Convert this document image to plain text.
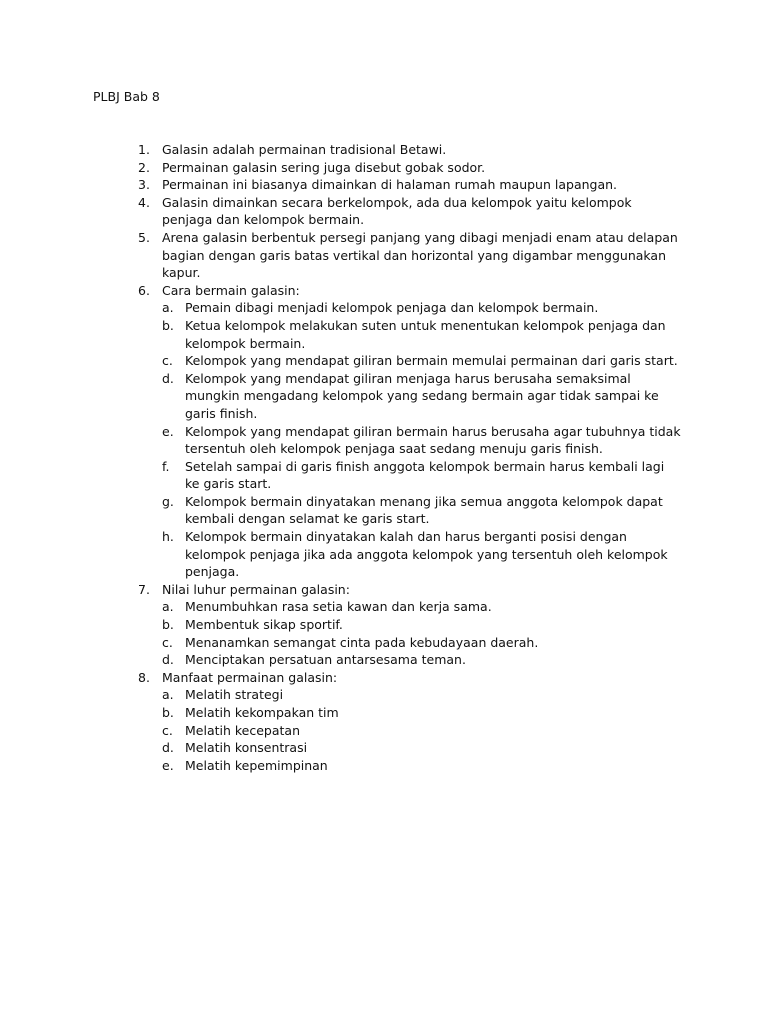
PLBJ Bab 8
1. Galasin adalah permainan tradisional Betawi.
2. Permainan galasin sering juga disebut gobak sodor.
3. Permainan ini biasanya dimainkan di halaman rumah maupun lapangan.
4. Galasin dimainkan secara berkelompok, ada dua kelompok yaitu kelompok penjaga dan kelompok bermain.
5. Arena galasin berbentuk persegi panjang yang dibagi menjadi enam atau delapan bagian dengan garis batas vertikal dan horizontal yang digambar menggunakan kapur.
6. Cara bermain galasin:
a. Pemain dibagi menjadi kelompok penjaga dan kelompok bermain.
b. Ketua kelompok melakukan suten untuk menentukan kelompok penjaga dan kelompok bermain.
c. Kelompok yang mendapat giliran bermain memulai permainan dari garis start.
d. Kelompok yang mendapat giliran menjaga harus berusaha semaksimal mungkin mengadang kelompok yang sedang bermain agar tidak sampai ke garis finish.
e. Kelompok yang mendapat giliran bermain harus berusaha agar tubuhnya tidak tersentuh oleh kelompok penjaga saat sedang menuju garis finish.
f. Setelah sampai di garis finish anggota kelompok bermain harus kembali lagi ke garis start.
g. Kelompok bermain dinyatakan menang jika semua anggota kelompok dapat kembali dengan selamat ke garis start.
h. Kelompok bermain dinyatakan kalah dan harus berganti posisi dengan kelompok penjaga jika ada anggota kelompok yang tersentuh oleh kelompok penjaga.
7. Nilai luhur permainan galasin:
a. Menumbuhkan rasa setia kawan dan kerja sama.
b. Membentuk sikap sportif.
c. Menanamkan semangat cinta pada kebudayaan daerah.
d. Menciptakan persatuan antarsesama teman.
8. Manfaat permainan galasin:
a. Melatih strategi
b. Melatih kekompakan tim
c. Melatih kecepatan
d. Melatih konsentrasi
e. Melatih kepemimpinan
